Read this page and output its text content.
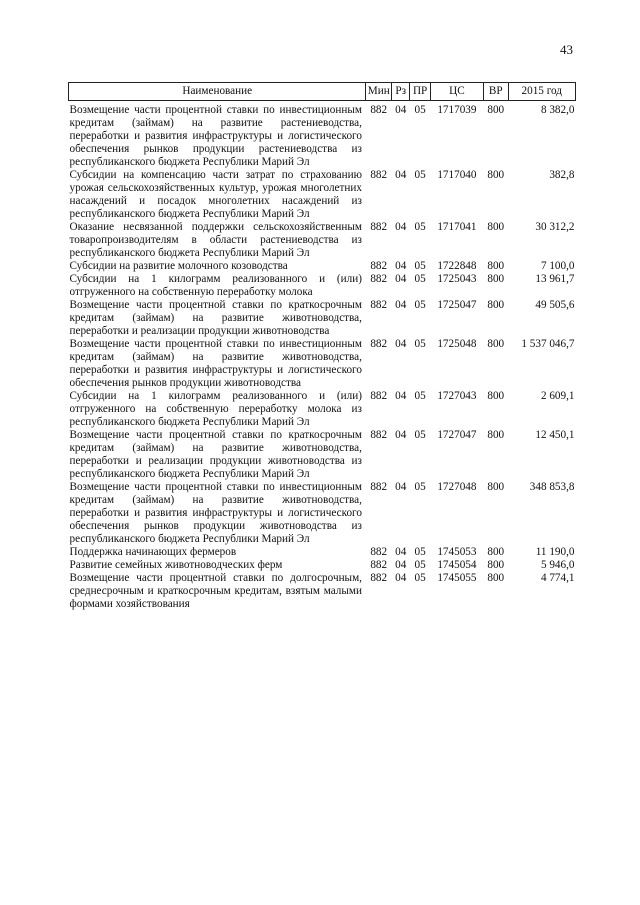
43
Наименование	Мин	Рз	ПР	ЦС	ВР	2015 год
Возмещение части процентной ставки по инвестиционным кредитам (займам) на развитие растениеводства, переработки и развития инфраструктуры и логистического обеспечения рынков продукции растениеводства из республиканского бюджета Республики Марий Эл	882	04	05	1717039	800	8 382,0
Субсидии на компенсацию части затрат по страхованию урожая сельскохозяйственных культур, урожая многолетних насаждений и посадок многолетних насаждений из республиканского бюджета Республики Марий Эл	882	04	05	1717040	800	382,8
Оказание несвязанной поддержки сельскохозяйственным товаропроизводителям в области растениеводства из республиканского бюджета Республики Марий Эл	882	04	05	1717041	800	30 312,2
Субсидии на развитие молочного козоводства	882	04	05	1722848	800	7 100,0
Субсидии на 1 килограмм реализованного и (или) отгруженного на собственную переработку молока	882	04	05	1725043	800	13 961,7
Возмещение части процентной ставки по краткосрочным кредитам (займам) на развитие животноводства, переработки и реализации продукции животноводства	882	04	05	1725047	800	49 505,6
Возмещение части процентной ставки по инвестиционным кредитам (займам) на развитие животноводства, переработки и развития инфраструктуры и логистического обеспечения рынков продукции животноводства	882	04	05	1725048	800	1 537 046,7
Субсидии на 1 килограмм реализованного и (или) отгруженного на собственную переработку молока из республиканского бюджета Республики Марий Эл	882	04	05	1727043	800	2 609,1
Возмещение части процентной ставки по краткосрочным кредитам (займам) на развитие животноводства, переработки и реализации продукции животноводства из республиканского бюджета Республики Марий Эл	882	04	05	1727047	800	12 450,1
Возмещение части процентной ставки по инвестиционным кредитам (займам) на развитие животноводства, переработки и развития инфраструктуры и логистического обеспечения рынков продукции животноводства из республиканского бюджета Республики Марий Эл	882	04	05	1727048	800	348 853,8
Поддержка начинающих фермеров	882	04	05	1745053	800	11 190,0
Развитие семейных животноводческих ферм	882	04	05	1745054	800	5 946,0
Возмещение части процентной ставки по долгосрочным, среднесрочным и краткосрочным кредитам, взятым малыми формами хозяйствования	882	04	05	1745055	800	4 774,1
